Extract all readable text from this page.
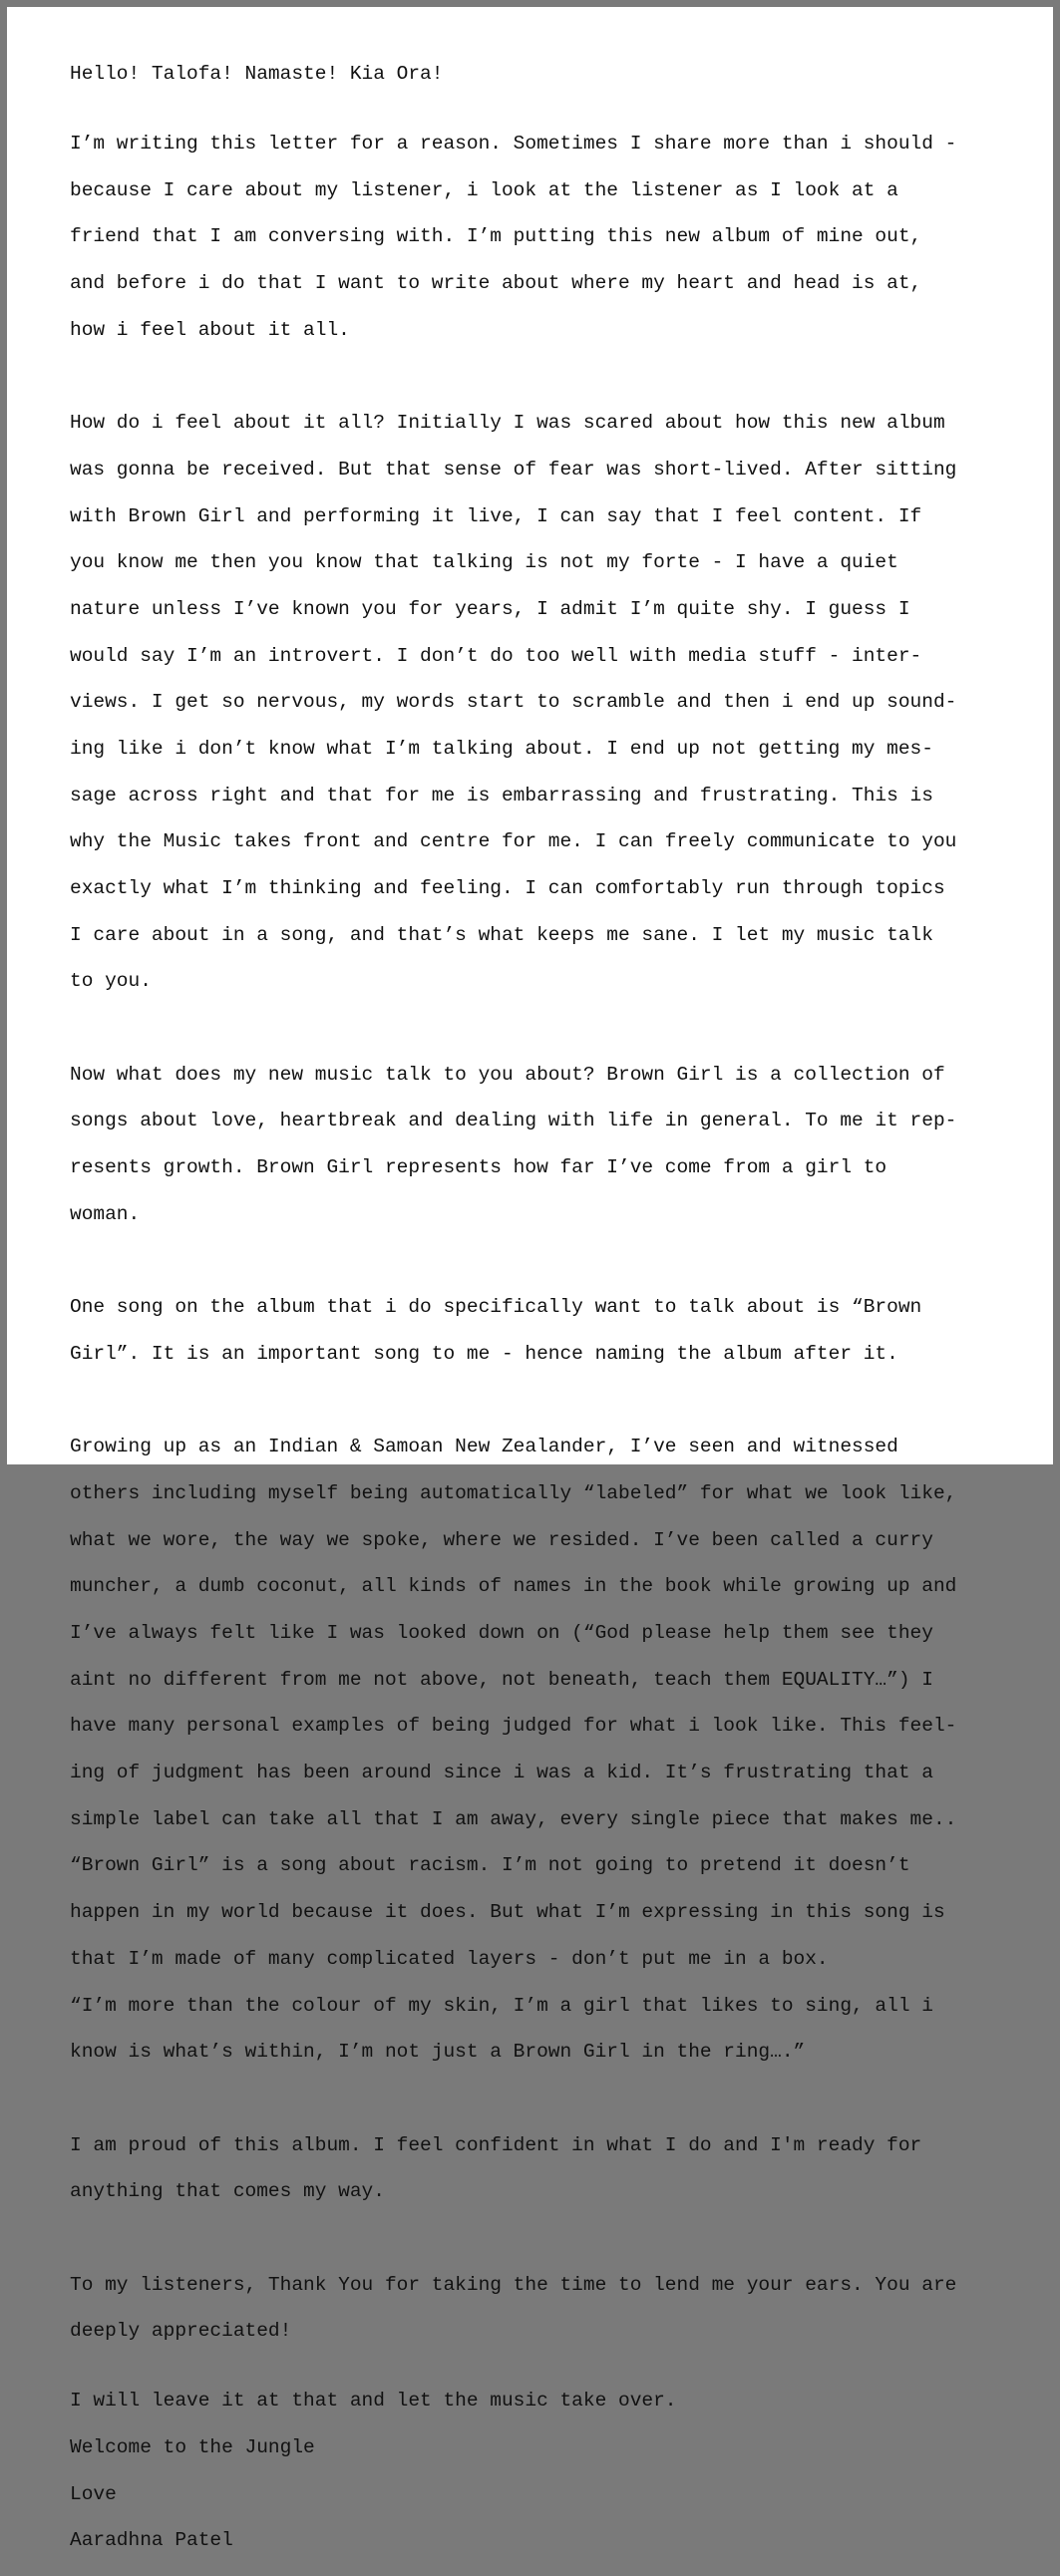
Hello! Talofa! Namaste! Kia Ora!

I’m writing this letter for a reason. Sometimes I share more than i should -

because I care about my listener, i look at the listener as I look at a

friend that I am conversing with. I’m putting this new album of mine out,

and before i do that I want to write about where my heart and head is at,

how i feel about it all.

How do i feel about it all? Initially I was scared about how this new album

was gonna be received. But that sense of fear was short-lived. After sitting

with Brown Girl and performing it live, I can say that I feel content. If

you know me then you know that talking is not my forte - I have a quiet

nature unless I’ve known you for years, I admit I’m quite shy. I guess I

would say I’m an introvert. I don’t do too well with media stuff - inter-

views. I get so nervous, my words start to scramble and then i end up sound-

ing like i don’t know what I’m talking about. I end up not getting my mes-

sage across right and that for me is embarrassing and frustrating. This is

why the Music takes front and centre for me. I can freely communicate to you

exactly what I’m thinking and feeling. I can comfortably run through topics

I care about in a song, and that’s what keeps me sane. I let my music talk

to you.

Now what does my new music talk to you about? Brown Girl is a collection of

songs about love, heartbreak and dealing with life in general. To me it rep-

resents growth. Brown Girl represents how far I’ve come from a girl to

woman.

One song on the album that i do specifically want to talk about is “Brown

Girl”. It is an important song to me - hence naming the album after it.

Growing up as an Indian & Samoan New Zealander, I’ve seen and witnessed

others including myself being automatically “labeled” for what we look like,

what we wore, the way we spoke, where we resided. I’ve been called a curry

muncher, a dumb coconut, all kinds of names in the book while growing up and

I’ve always felt like I was looked down on (“God please help them see they

aint no different from me not above, not beneath, teach them EQUALITY…”) I

have many personal examples of being judged for what i look like. This feel-

ing of judgment has been around since i was a kid. It’s frustrating that a

simple label can take all that I am away, every single piece that makes me..

“Brown Girl” is a song about racism. I’m not going to pretend it doesn’t

happen in my world because it does. But what I’m expressing in this song is

that I’m made of many complicated layers - don’t put me in a box.

“I’m more than the colour of my skin, I’m a girl that likes to sing, all i

know is what’s within, I’m not just a Brown Girl in the ring….”

I am proud of this album. I feel confident in what I do and I'm ready for

anything that comes my way.

To my listeners, Thank You for taking the time to lend me your ears. You are

deeply appreciated!

I will leave it at that and let the music take over.

Welcome to the Jungle

Love

Aaradhna Patel
